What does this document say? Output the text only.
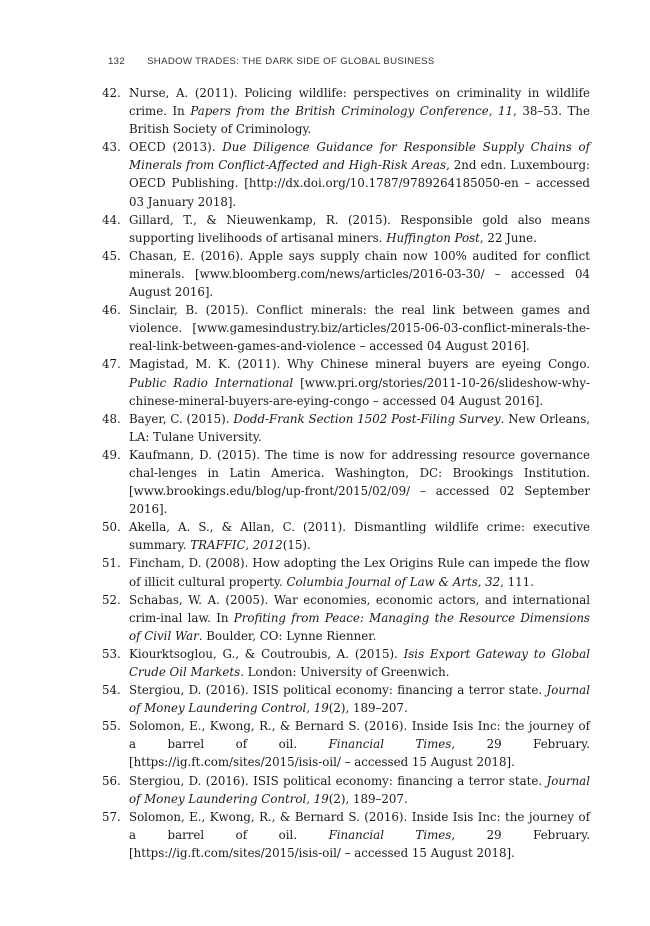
132 SHADOW TRADES: THE DARK SIDE OF GLOBAL BUSINESS
42. Nurse, A. (2011). Policing wildlife: perspectives on criminality in wildlife crime. In Papers from the British Criminology Conference, 11, 38–53. The British Society of Criminology.
43. OECD (2013). Due Diligence Guidance for Responsible Supply Chains of Minerals from Conflict-Affected and High-Risk Areas, 2nd edn. Luxembourg: OECD Publishing. [http://dx.doi.org/10.1787/9789264185050-en – accessed 03 January 2018].
44. Gillard, T., & Nieuwenkamp, R. (2015). Responsible gold also means supporting livelihoods of artisanal miners. Huffington Post, 22 June.
45. Chasan, E. (2016). Apple says supply chain now 100% audited for conflict minerals. [www.bloomberg.com/news/articles/2016-03-30/ – accessed 04 August 2016].
46. Sinclair, B. (2015). Conflict minerals: the real link between games and violence. [www.gamesindustry.biz/articles/2015-06-03-conflict-minerals-the-real-link-between-games-and-violence – accessed 04 August 2016].
47. Magistad, M. K. (2011). Why Chinese mineral buyers are eyeing Congo. Public Radio International [www.pri.org/stories/2011-10-26/slideshow-why-chinese-mineral-buyers-are-eying-congo – accessed 04 August 2016].
48. Bayer, C. (2015). Dodd-Frank Section 1502 Post-Filing Survey. New Orleans, LA: Tulane University.
49. Kaufmann, D. (2015). The time is now for addressing resource governance chal-lenges in Latin America. Washington, DC: Brookings Institution. [www.brookings.edu/blog/up-front/2015/02/09/ – accessed 02 September 2016].
50. Akella, A. S., & Allan, C. (2011). Dismantling wildlife crime: executive summary. TRAFFIC, 2012(15).
51. Fincham, D. (2008). How adopting the Lex Origins Rule can impede the flow of illicit cultural property. Columbia Journal of Law & Arts, 32, 111.
52. Schabas, W. A. (2005). War economies, economic actors, and international crim-inal law. In Profiting from Peace: Managing the Resource Dimensions of Civil War. Boulder, CO: Lynne Rienner.
53. Kiourktsoglou, G., & Coutroubis, A. (2015). Isis Export Gateway to Global Crude Oil Markets. London: University of Greenwich.
54. Stergiou, D. (2016). ISIS political economy: financing a terror state. Journal of Money Laundering Control, 19(2), 189–207.
55. Solomon, E., Kwong, R., & Bernard S. (2016). Inside Isis Inc: the journey of a barrel of oil. Financial Times, 29 February. [https://ig.ft.com/sites/2015/isis-oil/ – accessed 15 August 2018].
56. Stergiou, D. (2016). ISIS political economy: financing a terror state. Journal of Money Laundering Control, 19(2), 189–207.
57. Solomon, E., Kwong, R., & Bernard S. (2016). Inside Isis Inc: the journey of a barrel of oil. Financial Times, 29 February. [https://ig.ft.com/sites/2015/isis-oil/ – accessed 15 August 2018].
